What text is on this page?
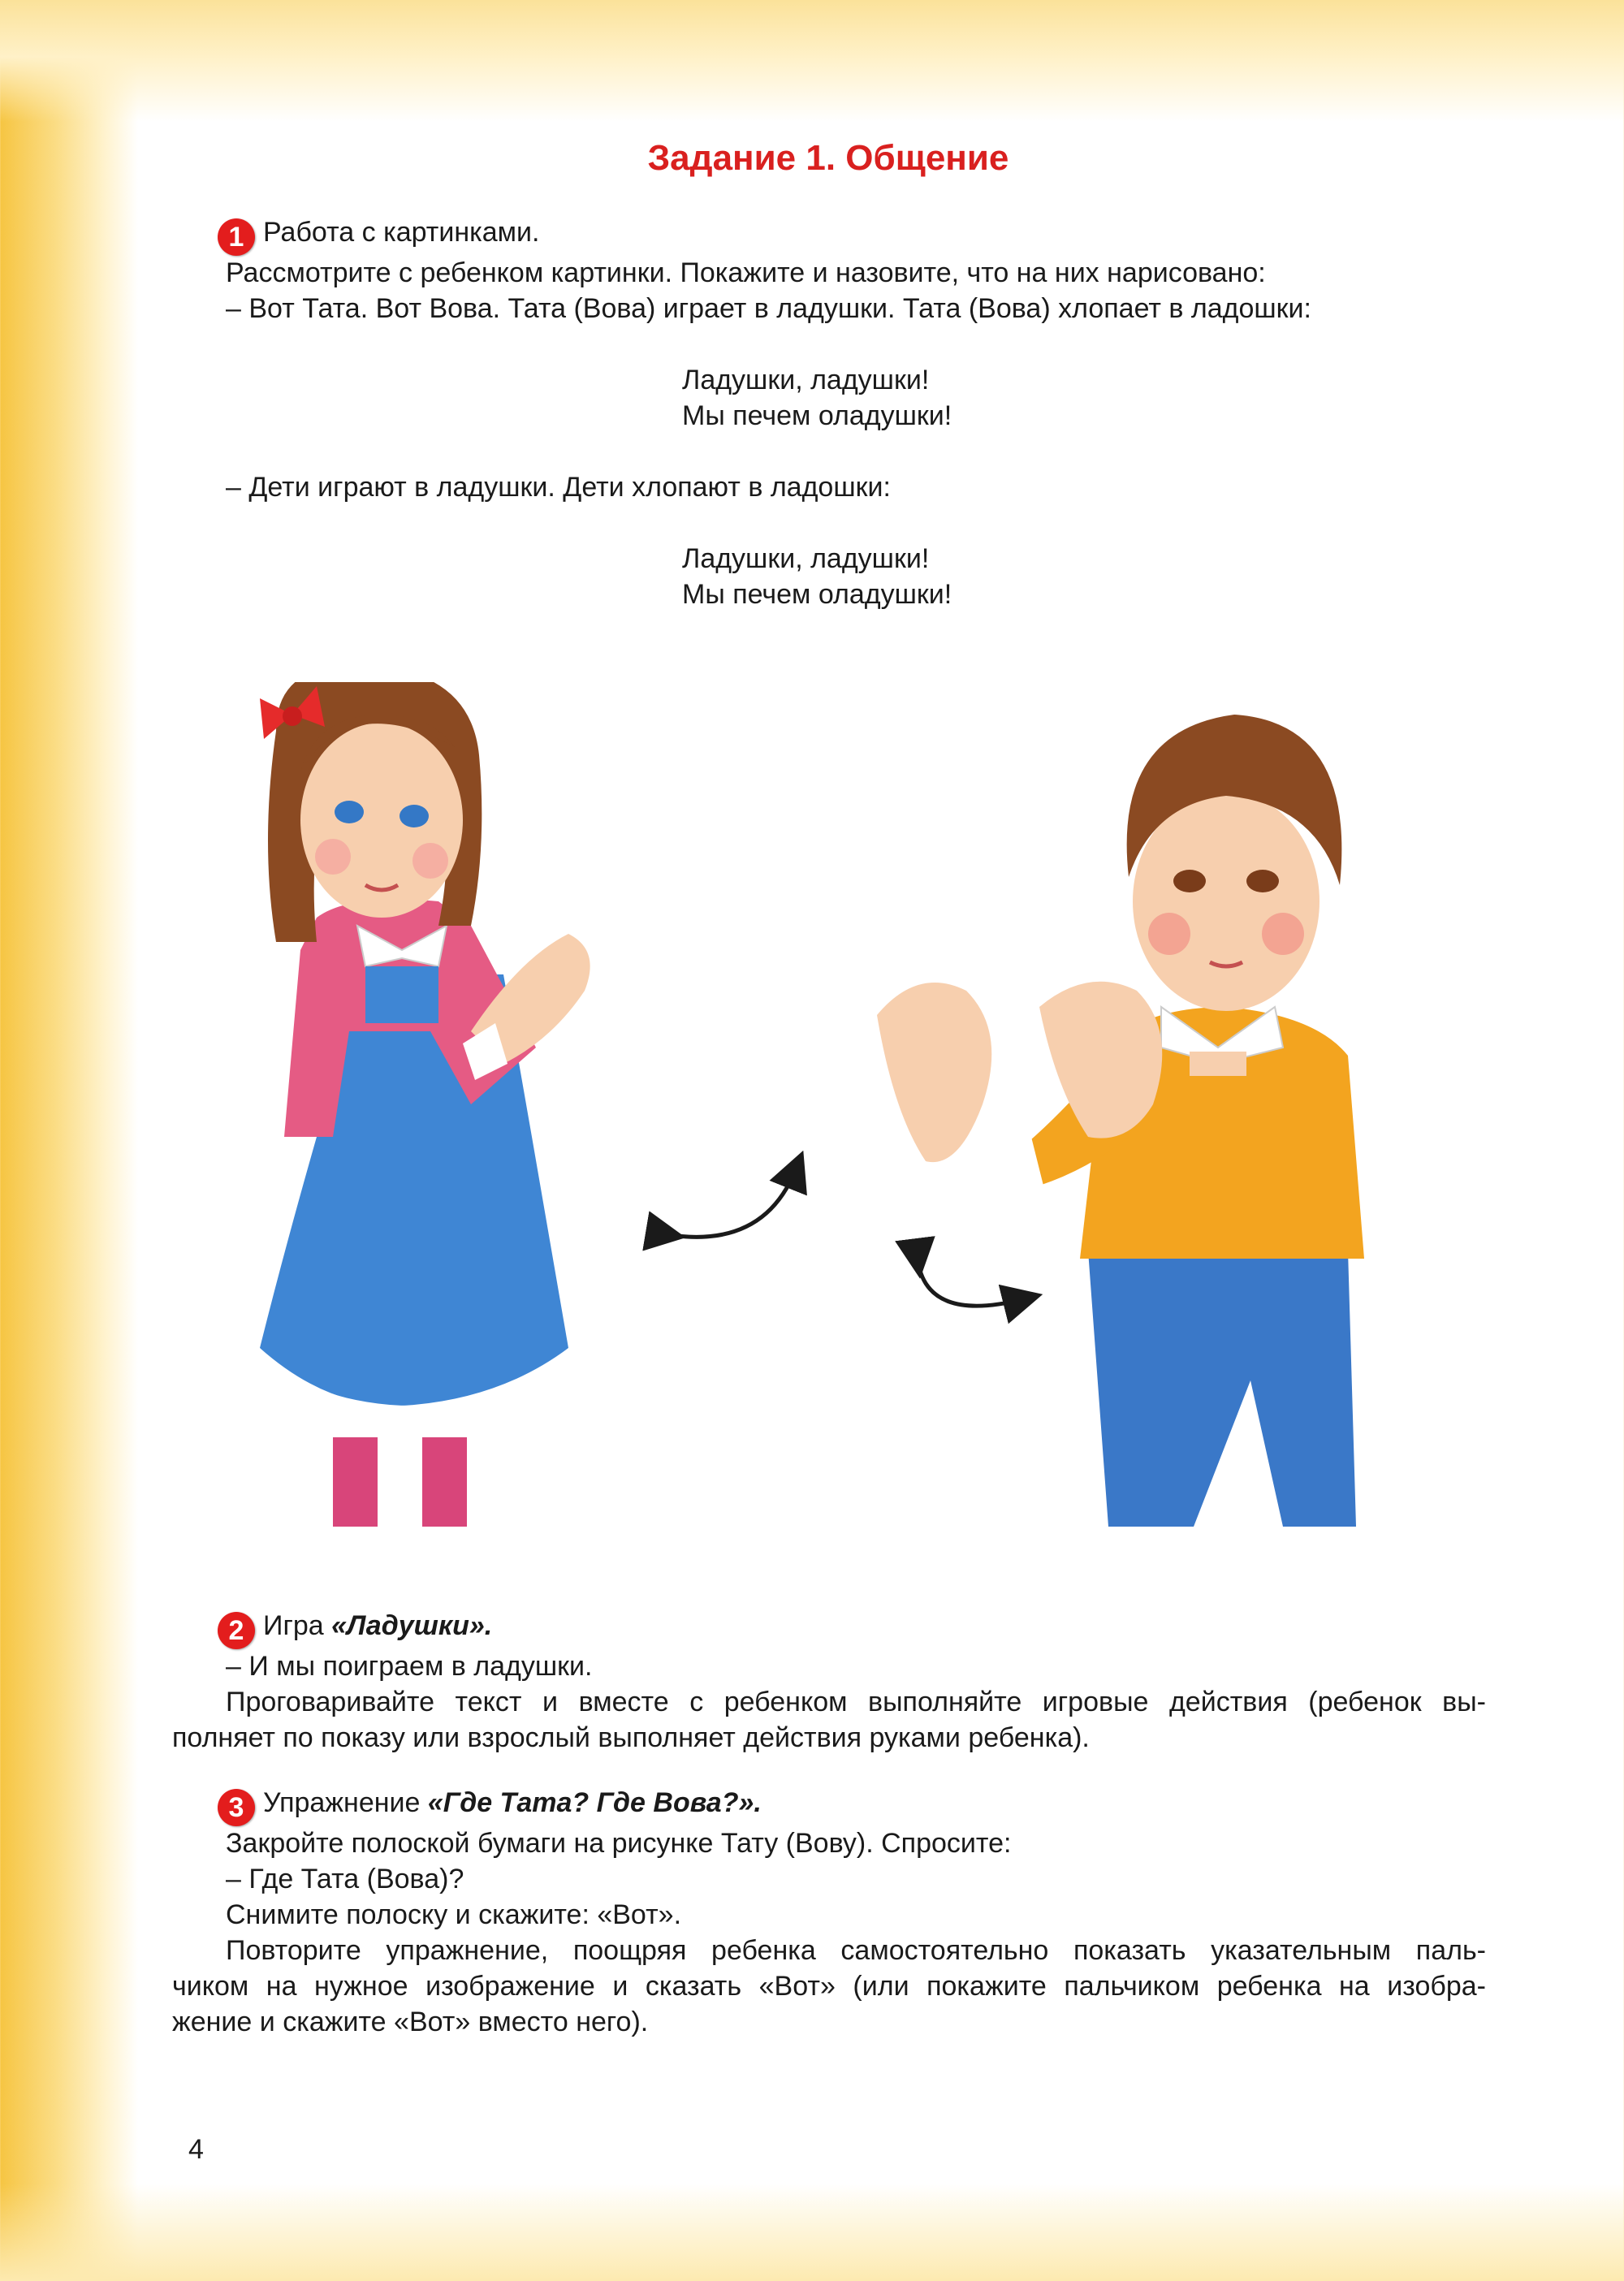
Задание 1. Общение
1 Работа с картинками.
Рассмотрите с ребенком картинки. Покажите и назовите, что на них нарисовано:
– Вот Тата. Вот Вова. Тата (Вова) играет в ладушки. Тата (Вова) хлопает в ладошки:
Ладушки, ладушки!
Мы печем оладушки!
– Дети играют в ладушки. Дети хлопают в ладошки:
Ладушки, ладушки!
Мы печем оладушки!
2 Игра «Ладушки».
– И мы поиграем в ладушки.
Проговаривайте текст и вместе с ребенком выполняйте игровые действия (ребенок вы-
полняет по показу или взрослый выполняет действия руками ребенка).
3 Упражнение «Где Тата? Где Вова?».
Закройте полоской бумаги на рисунке Тату (Вову). Спросите:
– Где Тата (Вова)?
Снимите полоску и скажите: «Вот».
Повторите упражнение, поощряя ребенка самостоятельно показать указательным паль-
чиком на нужное изображение и сказать «Вот» (или покажите пальчиком ребенка на изобра-
жение и скажите «Вот» вместо него).
4
